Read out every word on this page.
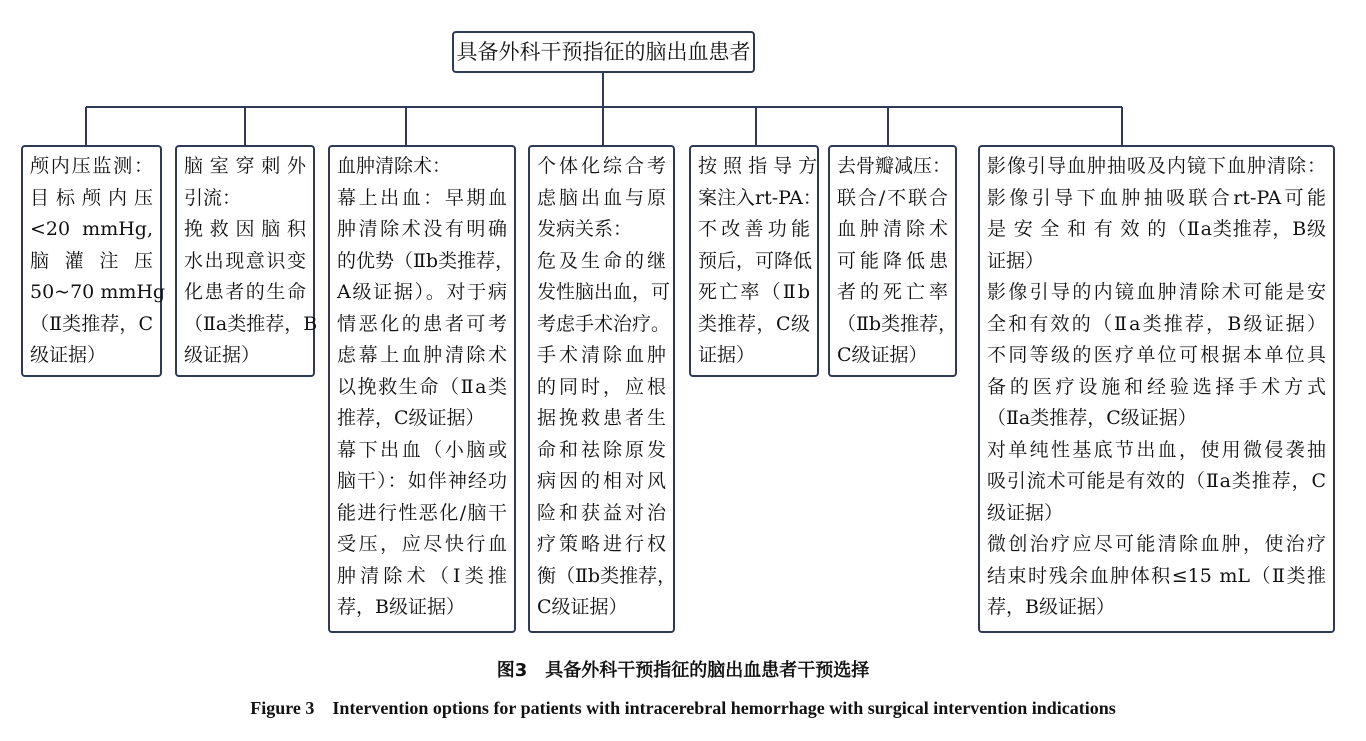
具备外科干预指征的脑出血患者
颅内压监测：
目 标 颅 内 压
<20 mmHg,
脑 灌 注 压
50~70 mmHg
（Ⅱ类推荐，C
级证据）
脑 室 穿 刺 外
引流：
挽 救 因 脑 积
水出现意识变
化患者的生命
（Ⅱa类推荐，B
级证据）
血肿清除术：
幕上出血：早期血
肿清除术没有明确
的优势（Ⅱb类推荐，
A级证据）。对于病
情恶化的患者可考
虑幕上血肿清除术
以挽救生命（Ⅱa类
推荐，C级证据）
幕下出血（小脑或
脑干）：如伴神经功
能进行性恶化/脑干
受压，应尽快行血
肿清除术（Ⅰ类推
荐，B级证据）
个体化综合考
虑脑出血与原
发病关系：
危及生命的继
发性脑出血，可
考虑手术治疗。
手术清除血肿
的同时，应根
据挽救患者生
命和祛除原发
病因的相对风
险和获益对治
疗策略进行权
衡（Ⅱb类推荐，
C级证据）
按 照 指 导 方
案注入rt-PA：
不改善功能
预后，可降低
死亡率（Ⅱb
类推荐，C级
证据）
去骨瓣减压：
联合/不联合
血肿清除术
可能降低患
者的死亡率
（Ⅱb类推荐，
C级证据）
影像引导血肿抽吸及内镜下血肿清除：
影像引导下血肿抽吸联合rt-PA可能
是 安 全 和 有 效 的（Ⅱa类推荐，B级
证据）
影像引导的内镜血肿清除术可能是安
全和有效的（Ⅱa类推荐，B级证据）
不同等级的医疗单位可根据本单位具
备的医疗设施和经验选择手术方式
（Ⅱa类推荐，C级证据）
对单纯性基底节出血，使用微侵袭抽
吸引流术可能是有效的（Ⅱa类推荐，C
级证据）
微创治疗应尽可能清除血肿，使治疗
结束时残余血肿体积≤15 mL（Ⅱ类推
荐，B级证据）
图3　具备外科干预指征的脑出血患者干预选择
Figure 3　Intervention options for patients with intracerebral hemorrhage with surgical intervention indications
